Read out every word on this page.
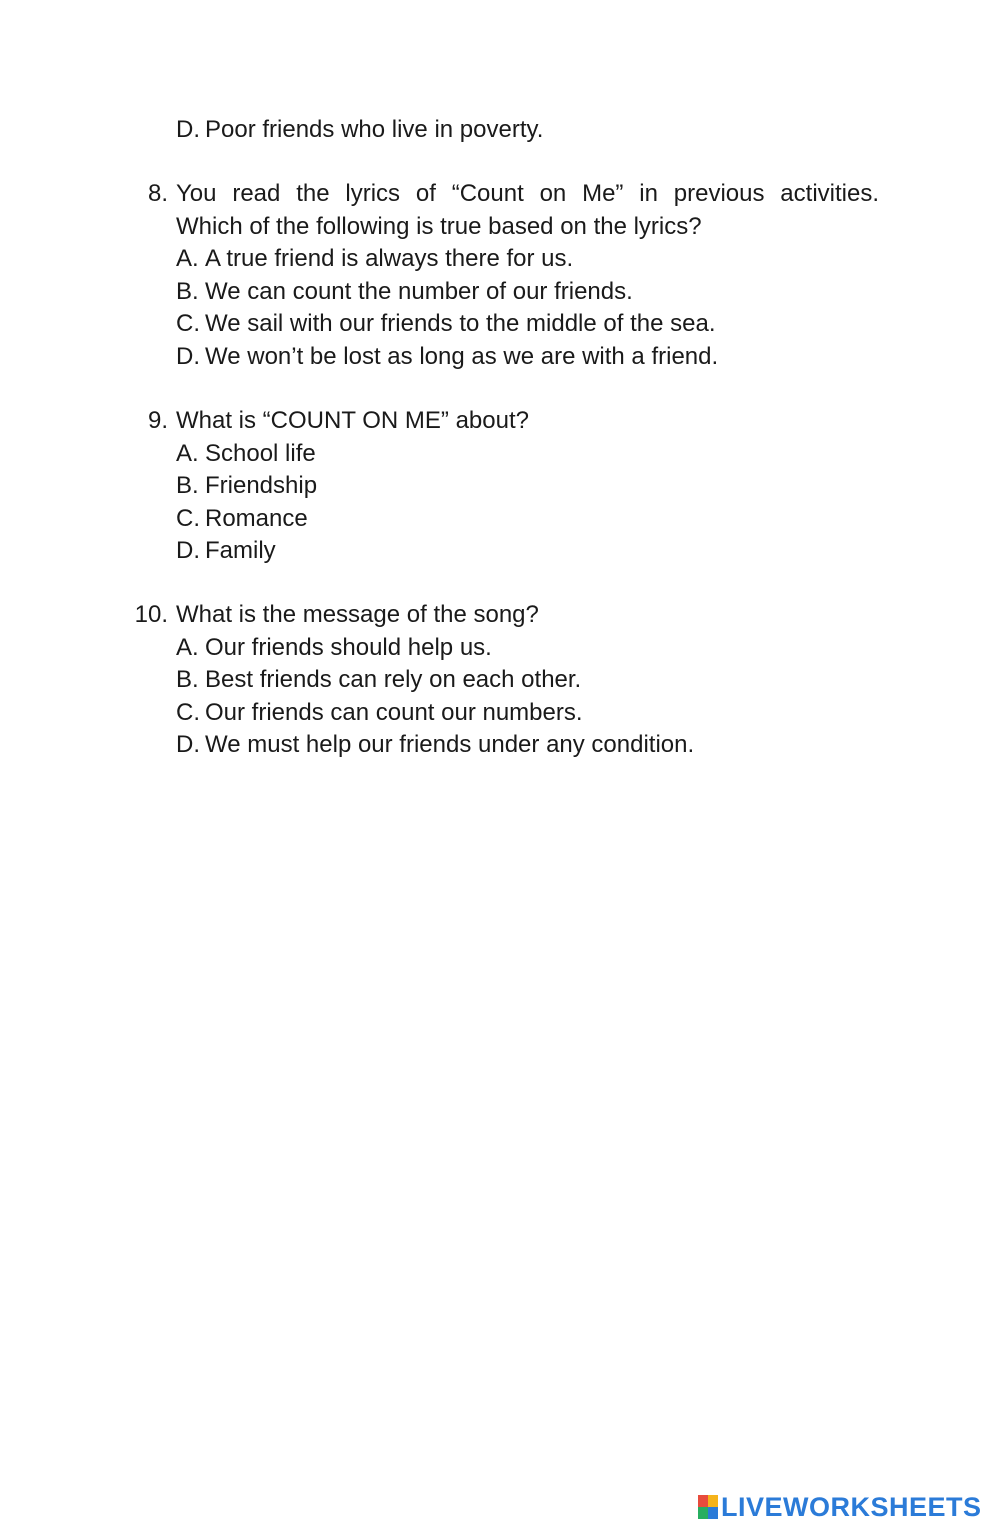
D. Poor friends who live in poverty.
8. You read the lyrics of “Count on Me” in previous activities.
Which of the following is true based on the lyrics?
A. A true friend is always there for us.
B. We can count the number of our friends.
C. We sail with our friends to the middle of the sea.
D. We won’t be lost as long as we are with a friend.
9. What is “COUNT ON ME” about?
A. School life
B. Friendship
C. Romance
D. Family
10. What is the message of the song?
A. Our friends should help us.
B. Best friends can rely on each other.
C. Our friends can count our numbers.
D. We must help our friends under any condition.
LIVEWORKSHEETS
